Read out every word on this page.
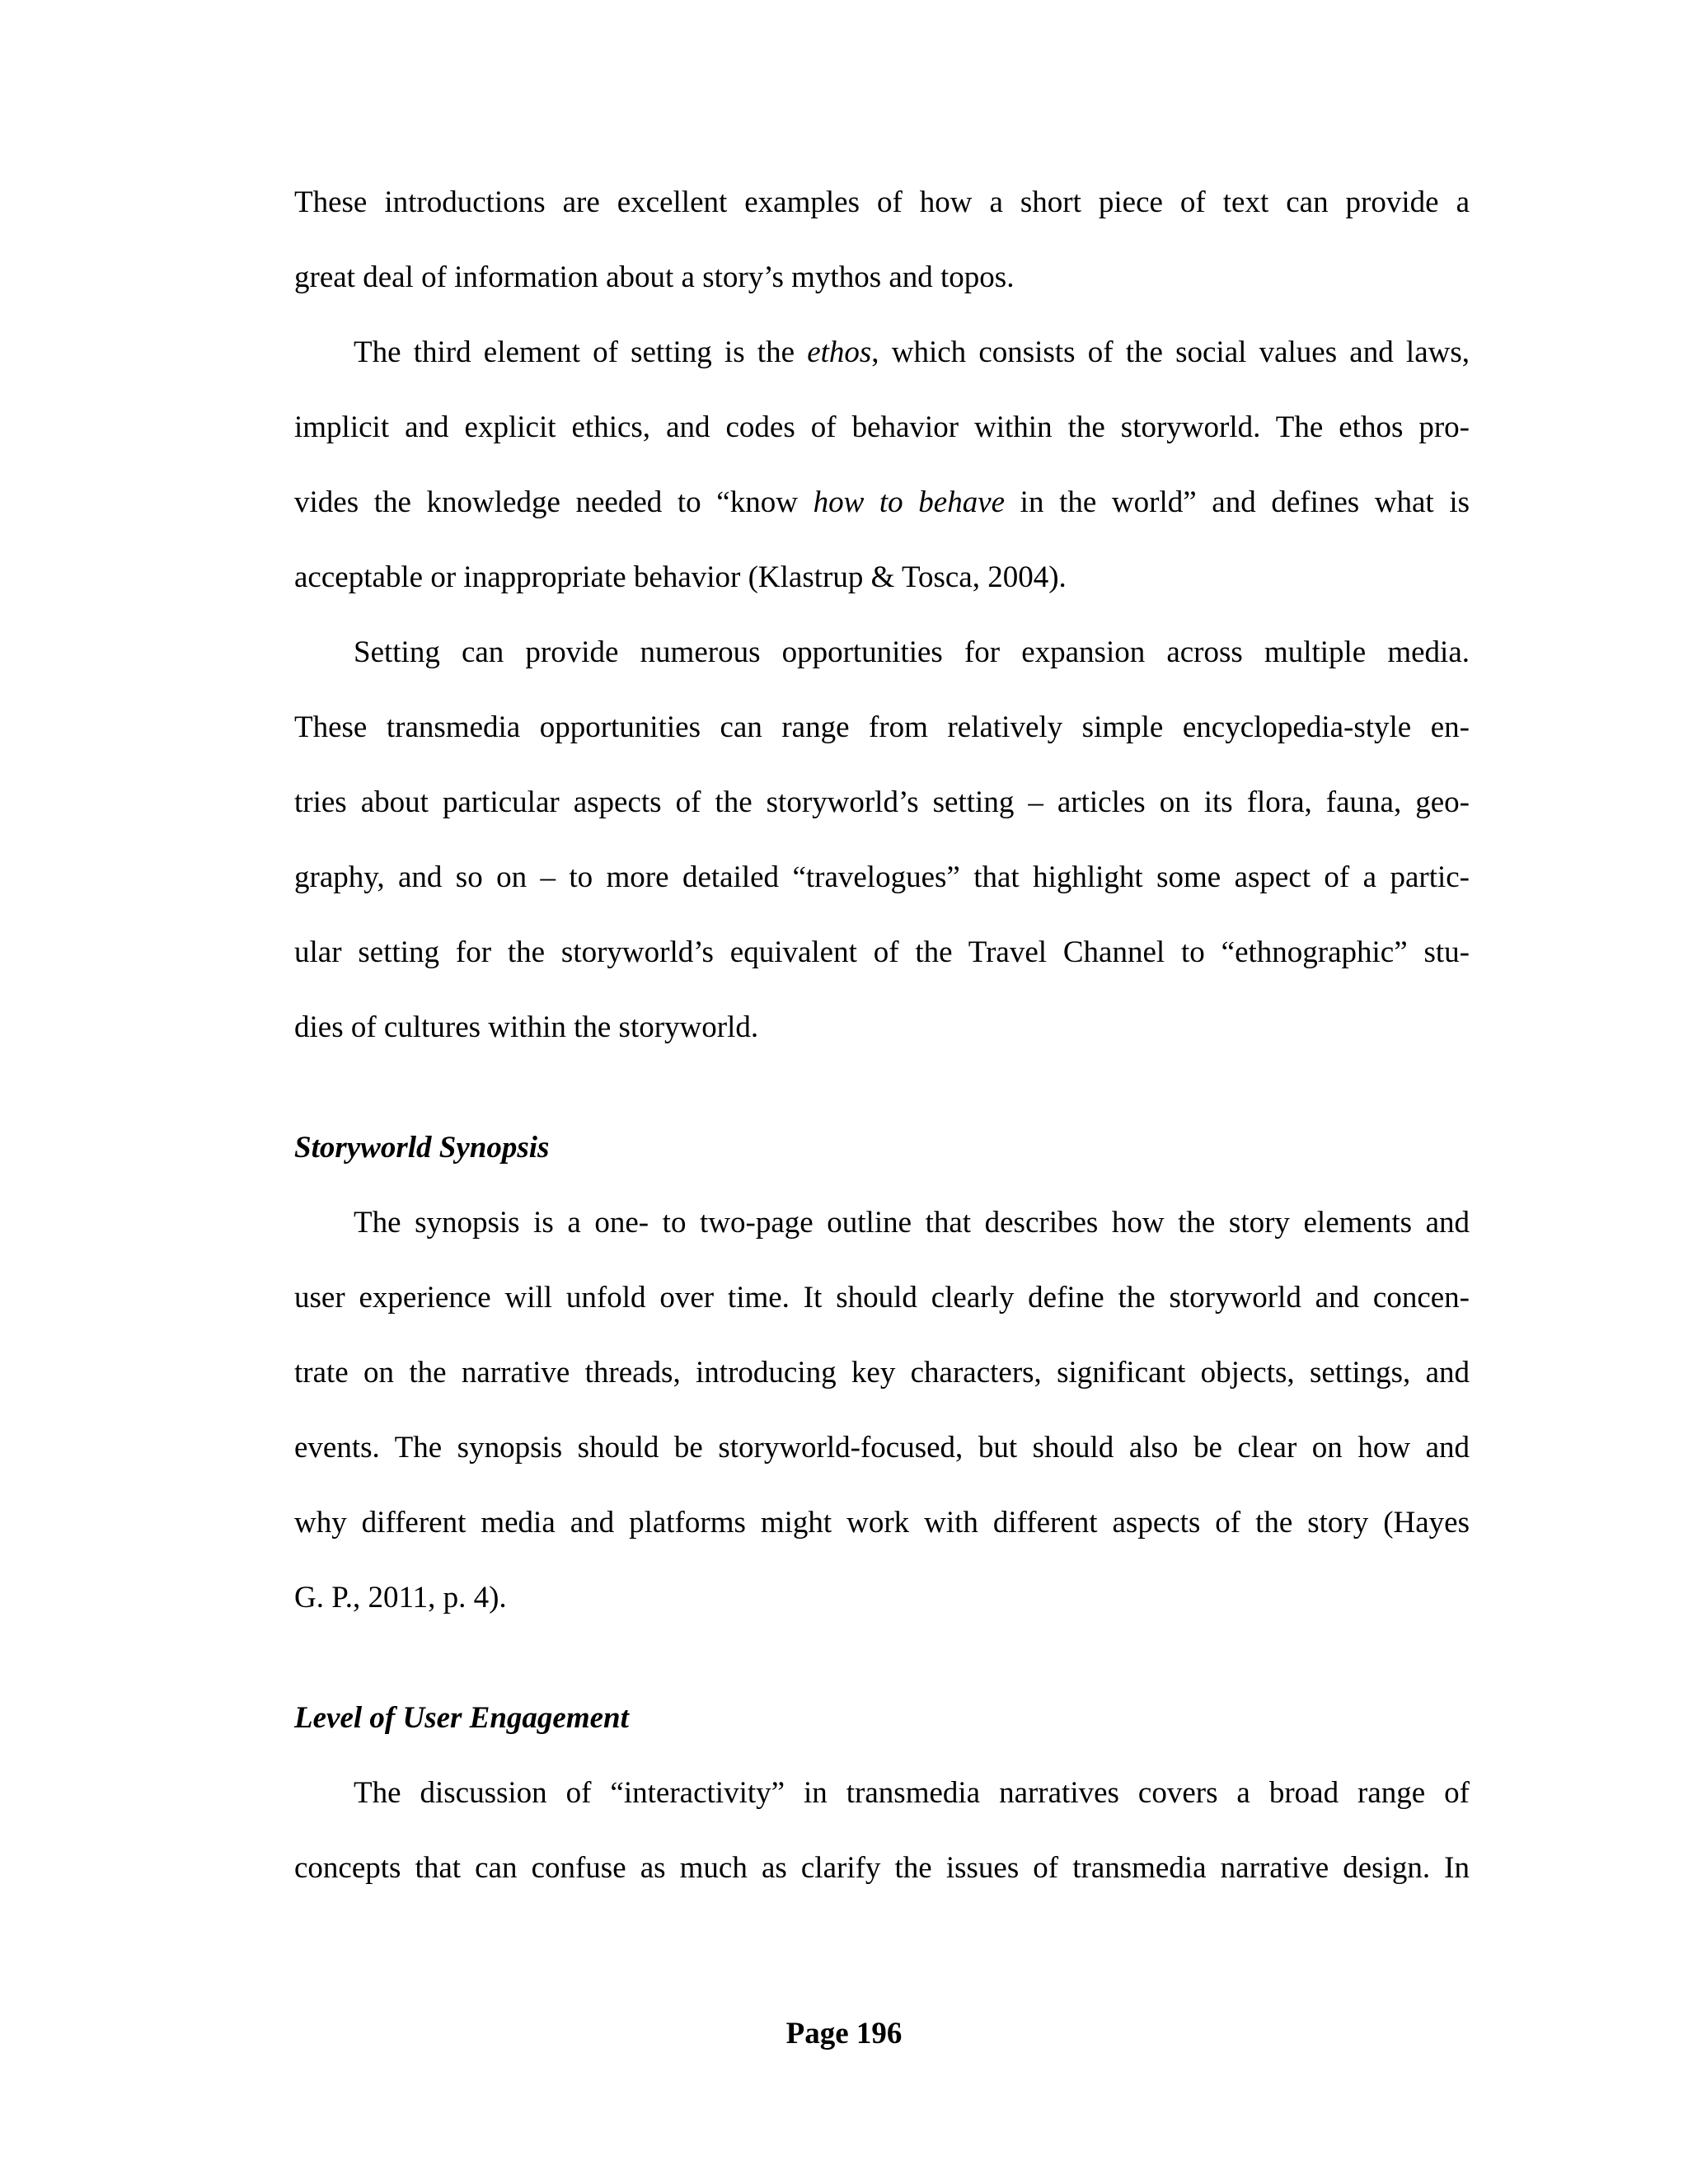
These introductions are excellent examples of how a short piece of text can provide a
great deal of information about a story’s mythos and topos.
The third element of setting is the ethos, which consists of the social values and laws,
implicit and explicit ethics, and codes of behavior within the storyworld. The ethos pro-
vides the knowledge needed to “know how to behave in the world” and defines what is
acceptable or inappropriate behavior (Klastrup & Tosca, 2004).
Setting can provide numerous opportunities for expansion across multiple media.
These transmedia opportunities can range from relatively simple encyclopedia-style en-
tries about particular aspects of the storyworld’s setting – articles on its flora, fauna, geo-
graphy, and so on – to more detailed “travelogues” that highlight some aspect of a partic-
ular setting for the storyworld’s equivalent of the Travel Channel to “ethnographic” stu-
dies of cultures within the storyworld.
Storyworld Synopsis
The synopsis is a one- to two-page outline that describes how the story elements and
user experience will unfold over time. It should clearly define the storyworld and concen-
trate on the narrative threads, introducing key characters, significant objects, settings, and
events. The synopsis should be storyworld-focused, but should also be clear on how and
why different media and platforms might work with different aspects of the story (Hayes
G. P., 2011, p. 4).
Level of User Engagement
The discussion of “interactivity” in transmedia narratives covers a broad range of
concepts that can confuse as much as clarify the issues of transmedia narrative design. In
Page 196
